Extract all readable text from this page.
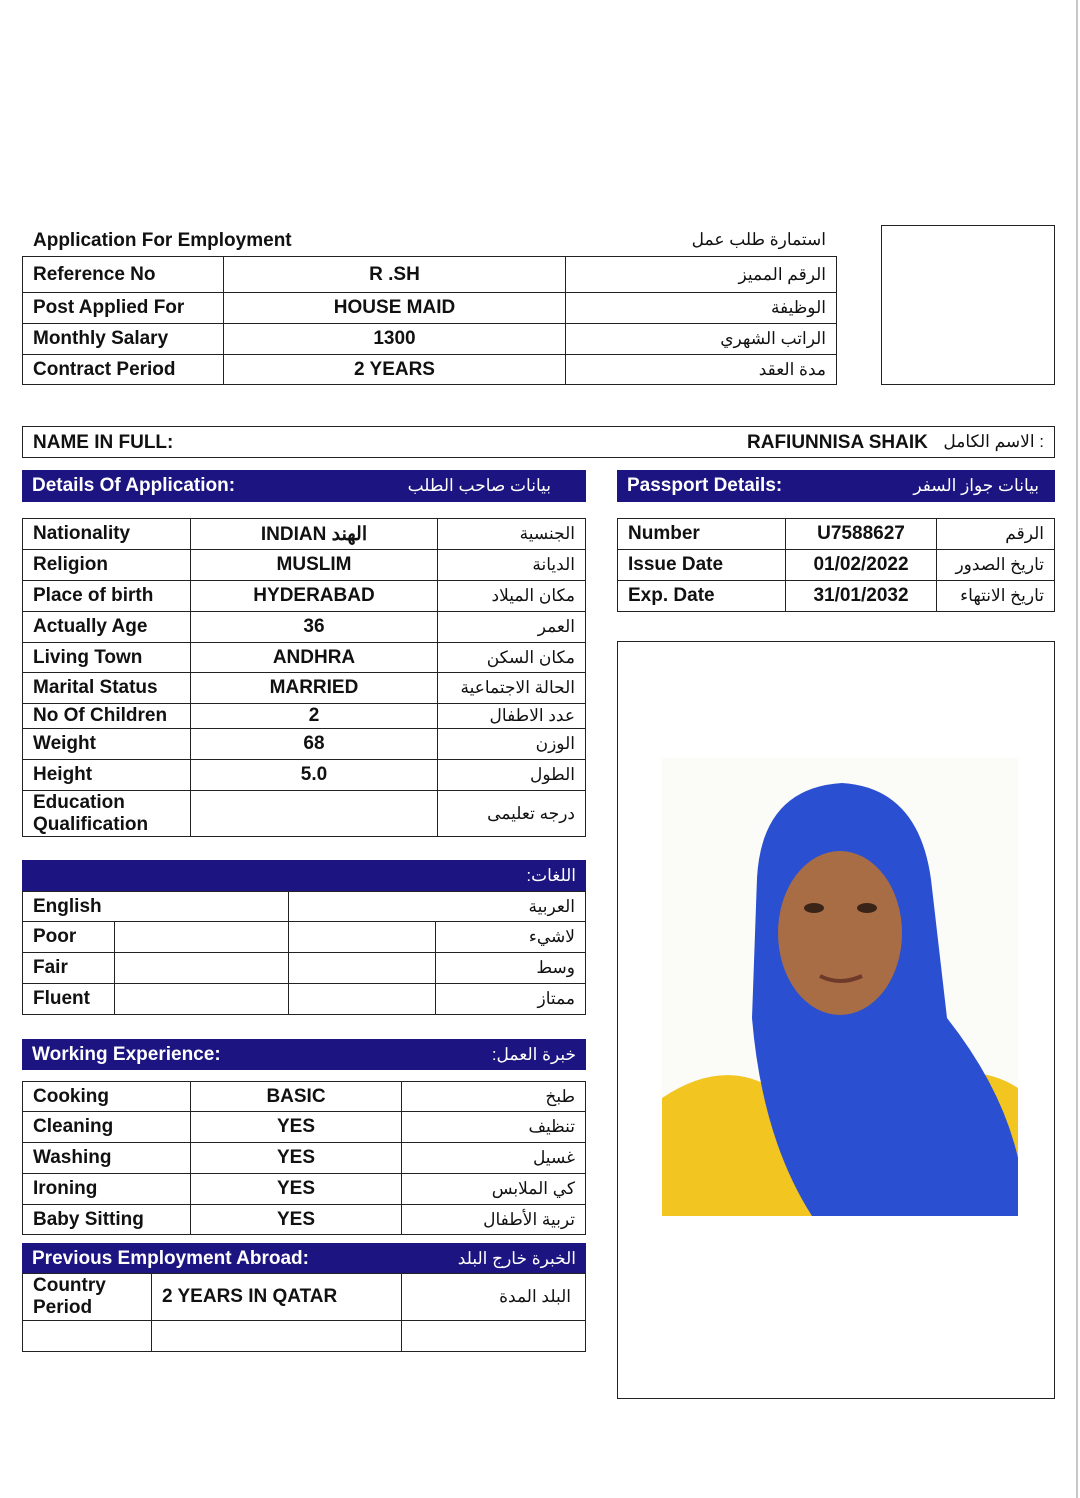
Application For Employment	استمارة طلب عمل
Reference No	R .SH	الرقم المميز
Post Applied For	HOUSE MAID	الوظيفة
Monthly Salary	1300	الراتب الشهري
Contract Period	2 YEARS	مدة العقد
NAME IN FULL:	RAFIUNNISA SHAIK : الاسم الكامل
Details Of Application:	بيانات صاحب الطلب	Passport Details:	بيانات جواز السفر
Nationality	INDIAN الهند	الجنسية
Religion	MUSLIM	الديانة
Place of birth	HYDERABAD	مكان الميلاد
Actually Age	36	العمر
Living Town	ANDHRA	مكان السكن
Marital Status	MARRIED	الحالة الاجتماعية
No Of Children	2	عدد الاطفال
Weight	68	الوزن
Height	5.0	الطول
Education Qualification		درجه تعليمى
Number	U7588627	الرقم
Issue Date	01/02/2022	تاريخ الصدور
Exp. Date	31/01/2032	تاريخ الانتهاء
اللغات:
English		العربية	
Poor			لاشيء
Fair			وسط
Fluent			ممتاز
Working Experience:	خبرة العمل:
Cooking	BASIC	طبخ
Cleaning	YES	تنظيف
Washing	YES	غسيل
Ironing	YES	كي الملابس
Baby Sitting	YES	تربية الأطفال
Previous Employment Abroad:	الخبرة خارج البلد
Country Period	2 YEARS IN QATAR	البلد المدة
